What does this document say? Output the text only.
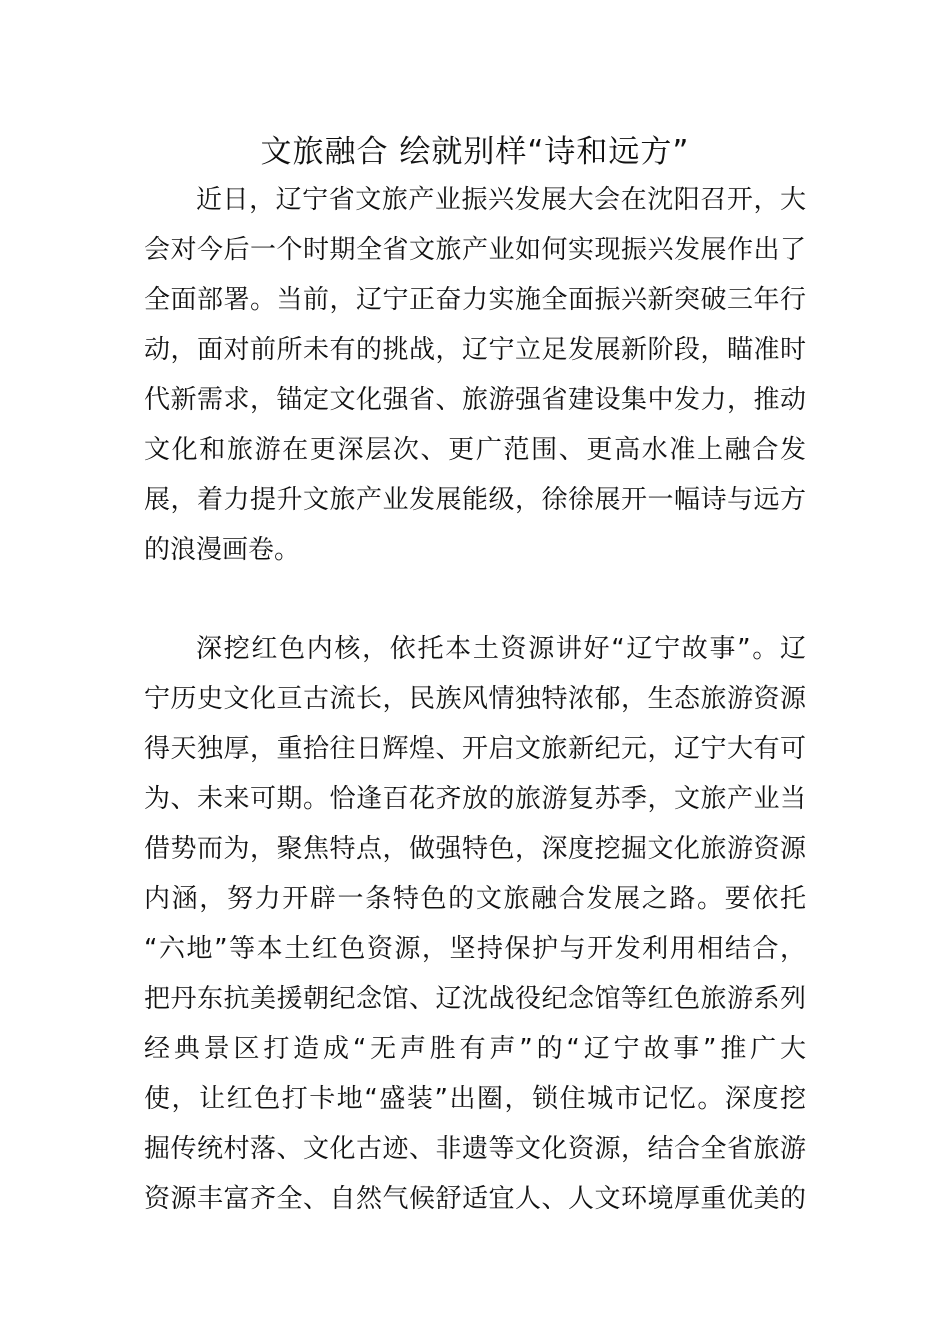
文旅融合 绘就别样“诗和远方”

近日，辽宁省文旅产业振兴发展大会在沈阳召开，大

会对今后一个时期全省文旅产业如何实现振兴发展作出了

全面部署。当前，辽宁正奋力实施全面振兴新突破三年行

动，面对前所未有的挑战，辽宁立足发展新阶段，瞄准时

代新需求，锚定文化强省、旅游强省建设集中发力，推动

文化和旅游在更深层次、更广范围、更高水准上融合发

展，着力提升文旅产业发展能级，徐徐展开一幅诗与远方

的浪漫画卷。

深挖红色内核，依托本土资源讲好“辽宁故事”。辽

宁历史文化亘古流长，民族风情独特浓郁，生态旅游资源

得天独厚，重拾往日辉煌、开启文旅新纪元，辽宁大有可

为、未来可期。恰逢百花齐放的旅游复苏季，文旅产业当

借势而为，聚焦特点，做强特色，深度挖掘文化旅游资源

内涵，努力开辟一条特色的文旅融合发展之路。要依托

“六地”等本土红色资源，坚持保护与开发利用相结合，

把丹东抗美援朝纪念馆、辽沈战役纪念馆等红色旅游系列

经典景区打造成“无声胜有声”的“辽宁故事”推广大

使，让红色打卡地“盛装”出圈，锁住城市记忆。深度挖

掘传统村落、文化古迹、非遗等文化资源，结合全省旅游

资源丰富齐全、自然气候舒适宜人、人文环境厚重优美的
